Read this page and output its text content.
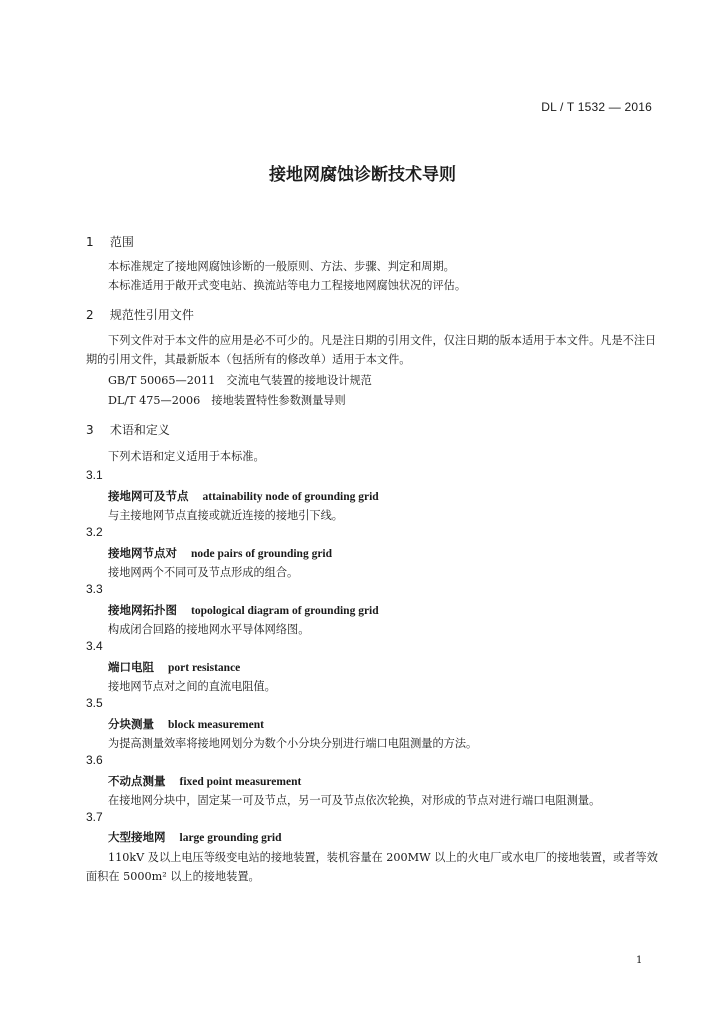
DL / T 1532 — 2016
接地网腐蚀诊断技术导则
1 范围
本标准规定了接地网腐蚀诊断的一般原则、方法、步骤、判定和周期。
本标准适用于敞开式变电站、换流站等电力工程接地网腐蚀状况的评估。
2 规范性引用文件
下列文件对于本文件的应用是必不可少的。凡是注日期的引用文件，仅注日期的版本适用于本文件。凡是不注日期的引用文件，其最新版本（包括所有的修改单）适用于本文件。
GB/T 50065—2011　交流电气装置的接地设计规范
DL/T 475—2006　接地装置特性参数测量导则
3 术语和定义
下列术语和定义适用于本标准。
3.1
接地网可及节点 attainability node of grounding grid
与主接地网节点直接或就近连接的接地引下线。
3.2
接地网节点对 node pairs of grounding grid
接地网两个不同可及节点形成的组合。
3.3
接地网拓扑图 topological diagram of grounding grid
构成闭合回路的接地网水平导体网络图。
3.4
端口电阻 port resistance
接地网节点对之间的直流电阻值。
3.5
分块测量 block measurement
为提高测量效率将接地网划分为数个小分块分别进行端口电阻测量的方法。
3.6
不动点测量 fixed point measurement
在接地网分块中，固定某一可及节点，另一可及节点依次轮换，对形成的节点对进行端口电阻测量。
3.7
大型接地网 large grounding grid
110kV 及以上电压等级变电站的接地装置，装机容量在 200MW 以上的火电厂或水电厂的接地装置，或者等效面积在 5000m² 以上的接地装置。
1
